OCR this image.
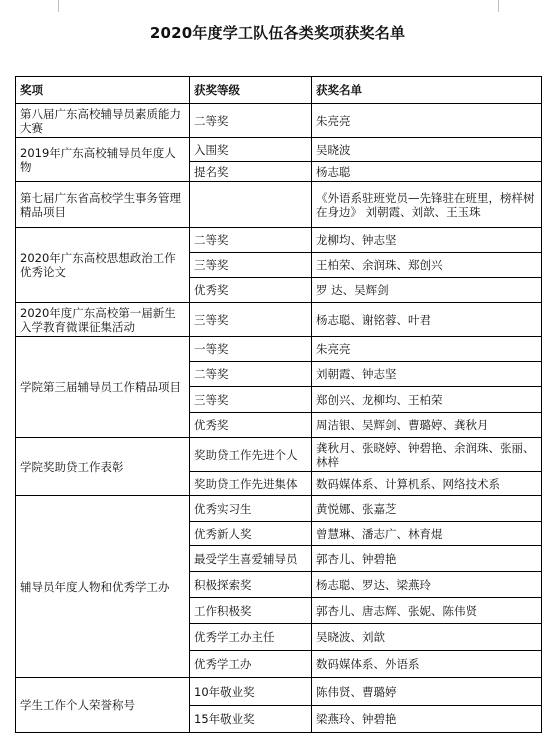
2020年度学工队伍各类奖项获奖名单
奖项	获奖等级	获奖名单
第八届广东高校辅导员素质能力大赛	二等奖	朱亮亮
2019年广东高校辅导员年度人物	入围奖	吴晓波
	提名奖	杨志聪
第七届广东省高校学生事务管理精品项目		《外语系驻班党员—先锋驻在班里，榜样树在身边》 刘朝霞、刘歆、王玉珠
2020年广东高校思想政治工作优秀论文	二等奖	龙柳均、钟志坚
	三等奖	王柏荣、余润珠、郑创兴
	优秀奖	罗 达、吴辉剑
2020年度广东高校第一届新生入学教育微课征集活动	三等奖	杨志聪、谢铭蓉、叶君
学院第三届辅导员工作精品项目	一等奖	朱亮亮
	二等奖	刘朝霞、钟志坚
	三等奖	郑创兴、龙柳均、王柏荣
	优秀奖	周洁银、吴辉剑、曹璐婷、龚秋月
学院奖助贷工作表彰	奖助贷工作先进个人	龚秋月、张晓婷、钟碧艳、余润珠、张丽、林梓
	奖助贷工作先进集体	数码媒体系、计算机系、网络技术系
辅导员年度人物和优秀学工办	优秀实习生	黄悦娜、张嘉芝
	优秀新人奖	曾慧琳、潘志广、林育焜
	最受学生喜爱辅导员	郭杏儿、钟碧艳
	积极探索奖	杨志聪、罗达、梁燕玲
	工作积极奖	郭杏儿、唐志辉、张妮、陈伟贤
	优秀学工办主任	吴晓波、刘歆
	优秀学工办	数码媒体系、外语系
学生工作个人荣誉称号	10年敬业奖	陈伟贤、曹璐婷
	15年敬业奖	梁燕玲、钟碧艳
